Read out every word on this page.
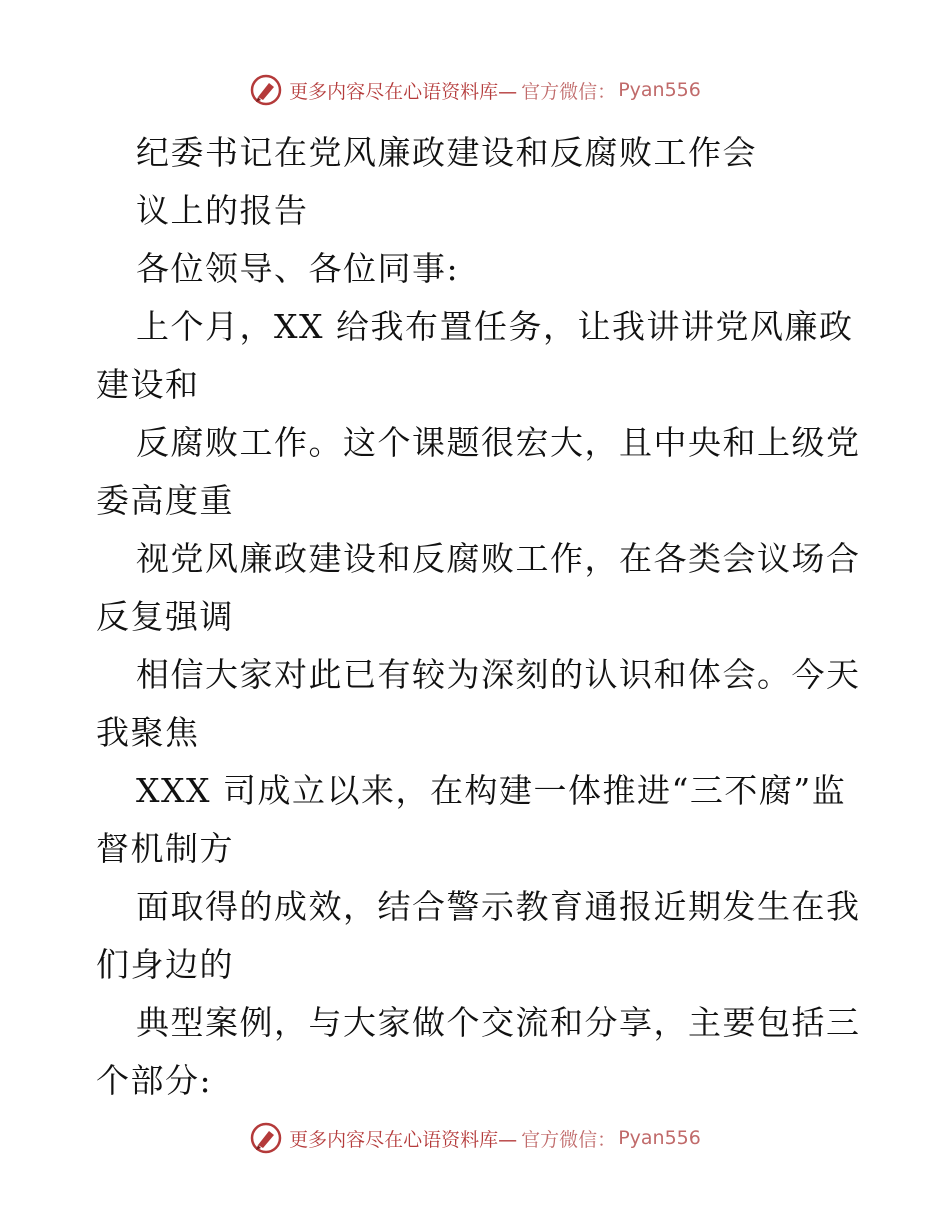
更多内容尽在心语资料库— 官方微信： Pyan556
纪委书记在党风廉政建设和反腐败工作会
议上的报告
各位领导、各位同事:
上个月，XX 给我布置任务，让我讲讲党风廉政
建设和
反腐败工作。这个课题很宏大，且中央和上级党
委高度重
视党风廉政建设和反腐败工作，在各类会议场合
反复强调
相信大家对此已有较为深刻的认识和体会。今天
我聚焦
XXX 司成立以来，在构建一体推进“三不腐”监
督机制方
面取得的成效，结合警示教育通报近期发生在我
们身边的
典型案例，与大家做个交流和分享，主要包括三
个部分:
更多内容尽在心语资料库— 官方微信： Pyan556
